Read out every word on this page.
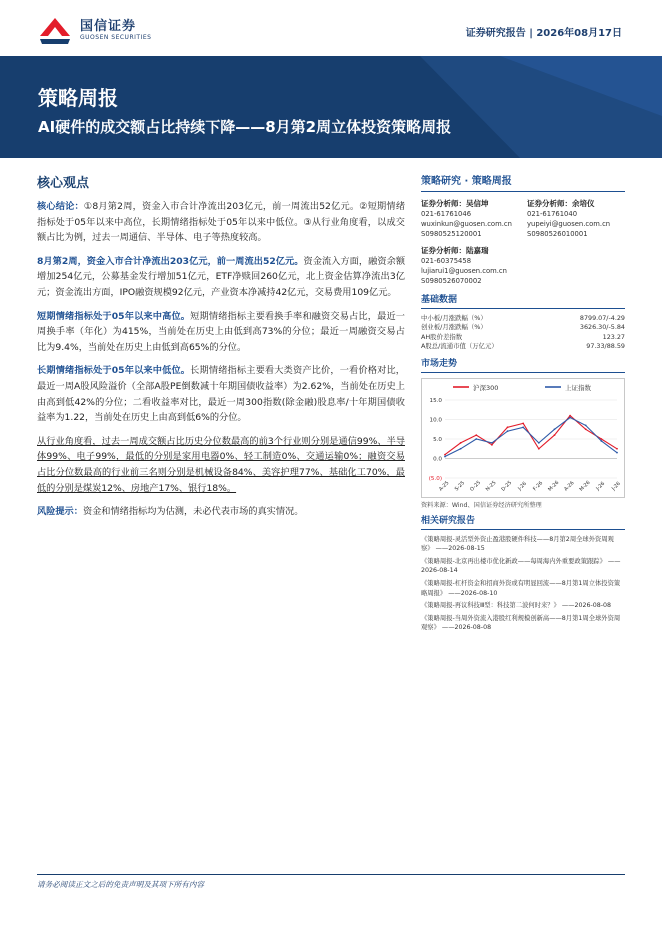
国信证券
GUOSEN SECURITIES	证券研究报告 | 2026年08月17日
策略周报
AI硬件的成交额占比持续下降——8月第2周立体投资策略周报
核心观点

核心结论：①8月第2周，资金入市合计净流出203亿元，前一周流出52亿元。②短期情绪指标处于05年以来中高位，长期情绪指标处于05年以来中低位。③从行业角度看，以成交额占比为例，过去一周通信、半导体、电子等热度较高。

8月第2周，资金入市合计净流出203亿元，前一周流出52亿元。资金流入方面，融资余额增加254亿元，公募基金发行增加51亿元，ETF净赎回260亿元，北上资金估算净流出3亿元；资金流出方面，IPO融资规模92亿元，产业资本净减持42亿元，交易费用109亿元。

短期情绪指标处于05年以来中高位。短期情绪指标主要看换手率和融资交易占比，最近一周换手率（年化）为415%，当前处在历史上由低到高73%的分位；最近一周融资交易占比为9.4%，当前处在历史上由低到高65%的分位。

长期情绪指标处于05年以来中低位。长期情绪指标主要看大类资产比价，一看价格对比，最近一周A股风险溢价（全部A股PE倒数减十年期国债收益率）为2.62%，当前处在历史上由高到低42%的分位；二看收益率对比，最近一周300指数(除金融)股息率/十年期国债收益率为1.22，当前处在历史上由高到低6%的分位。

从行业角度看，过去一周成交额占比历史分位数最高的前3个行业则分别是通信99%、半导体99%、电子99%，最低的分别是家用电器0%、轻工制造0%、交通运输0%；融资交易占比分位数最高的行业前三名则分别是机械设备84%、美容护理77%、基础化工70%，最低的分别是煤炭12%、房地产17%、银行18%。

风险提示：资金和情绪指标均为估测，未必代表市场的真实情况。

策略研究 · 策略周报
证券分析师：吴信坤
021-61761046
wuxinkun@guosen.com.cn
S0980525120001
证券分析师：余培仪
021-61761040
yupeiyi@guosen.com.cn
S0980526010001
证券分析师：陆嘉瑞
021-60375458
lujiarui1@guosen.com.cn
S0980526070002
基础数据
中小板/月涨跌幅（%）	8799.07/-4.29
创业板/月涨跌幅（%）	3626.30/-5.84
AH股价差指数	123.27
A股总/流通市值（万亿元）	97.33/88.59
市场走势
沪深300	上证指数
15.0
10.0
5.0
0.0
(5.0)
A-25 S-25 O-25 N-25 D-25 J-26 F-26 M-26 A-26 M-26 J-26 J-26
资料来源：Wind、国信证券经济研究所整理
相关研究报告
《策略周报-灵活型外资止盈港股硬件科技——8月第2周全球外资周观察》 ——2026-08-15
《策略周报-北京再出楼市优化新政——每周海内外重要政策跟踪》 ——2026-08-14
《策略周报-杠杆资金和招商外资或有明显回流——8月第1周立体投资策略周报》 ——2026-08-10
《策略周报-再议科技Ⅲ型：科技第二波何时来？》 ——2026-08-08
《策略周报-当周外资流入港股红利规模创新高——8月第1周全球外资周观察》 ——2026-08-08
请务必阅读正文之后的免责声明及其项下所有内容
